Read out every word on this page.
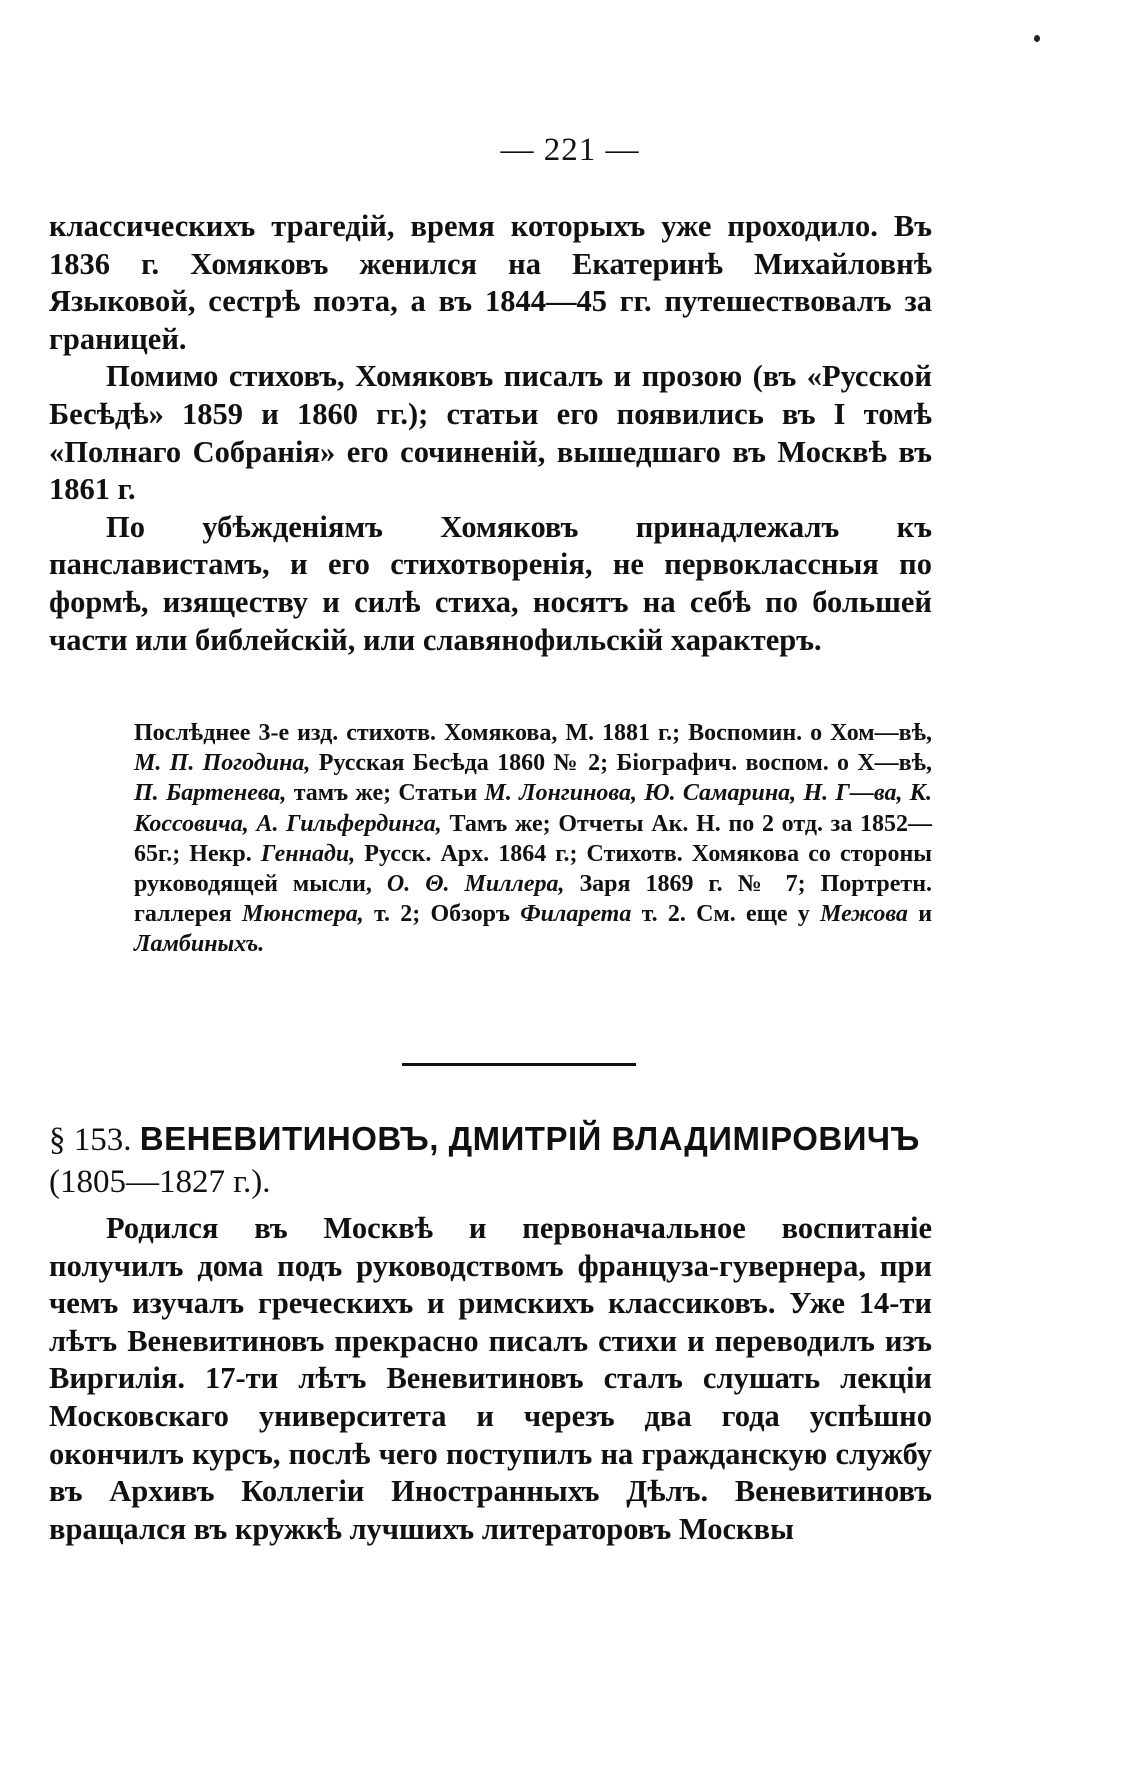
— 221 —

классическихъ трагедій, время которыхъ уже проходило. Въ 1836 г. Хомяковъ женился на Екатеринѣ Михайловнѣ Языковой, сестрѣ поэта, а въ 1844—45 гг. путешествовалъ за границей.

Помимо стиховъ, Хомяковъ писалъ и прозою (въ «Русской Бесѣдѣ» 1859 и 1860 гг.); статьи его появились въ I томѣ «Полнаго Собранія» его сочиненій, вышедшаго въ Москвѣ въ 1861 г.

По убѣжденіямъ Хомяковъ принадлежалъ къ панславистамъ, и его стихотворенія, не первоклассныя по формѣ, изяществу и силѣ стиха, носятъ на себѣ по большей части или библейскій, или славянофильскій характеръ.

Послѣднее 3-е изд. стихотв. Хомякова, М. 1881 г.; Воспомин. о Хом—вѣ, М. П. Погодина, Русская Бесѣда 1860 № 2; Біографич. воспом. о Х—вѣ, П. Бартенева, тамъ же; Статьи М. Лонгинова, Ю. Самарина, Н. Г—ва, К. Коссовича, А. Гильфердинга, Тамъ же; Отчеты Ак. Н. по 2 отд. за 1852—65г.; Некр. Геннади, Русск. Арх. 1864 г.; Стихотв. Хомякова со стороны руководящей мысли, О. Θ. Миллера, Заря 1869 г. № 7; Портретн. галлерея Мюнстера, т. 2; Обзоръ Филарета т. 2. См. еще у Межова и Ламбиныхъ.

§ 153. ВЕНЕВИТИНОВЪ, ДМИТРІЙ ВЛАДИМІРОВИЧЪ
(1805—1827 г.).

Родился въ Москвѣ и первоначальное воспитаніе получилъ дома подъ руководствомъ француза-гувернера, при чемъ изучалъ греческихъ и римскихъ классиковъ. Уже 14-ти лѣтъ Веневитиновъ прекрасно писалъ стихи и переводилъ изъ Виргилія. 17-ти лѣтъ Веневитиновъ сталъ слушать лекціи Московскаго университета и черезъ два года успѣшно окончилъ курсъ, послѣ чего поступилъ на гражданскую службу въ Архивъ Коллегіи Иностранныхъ Дѣлъ. Веневитиновъ вращался въ кружкѣ лучшихъ литераторовъ Москвы
